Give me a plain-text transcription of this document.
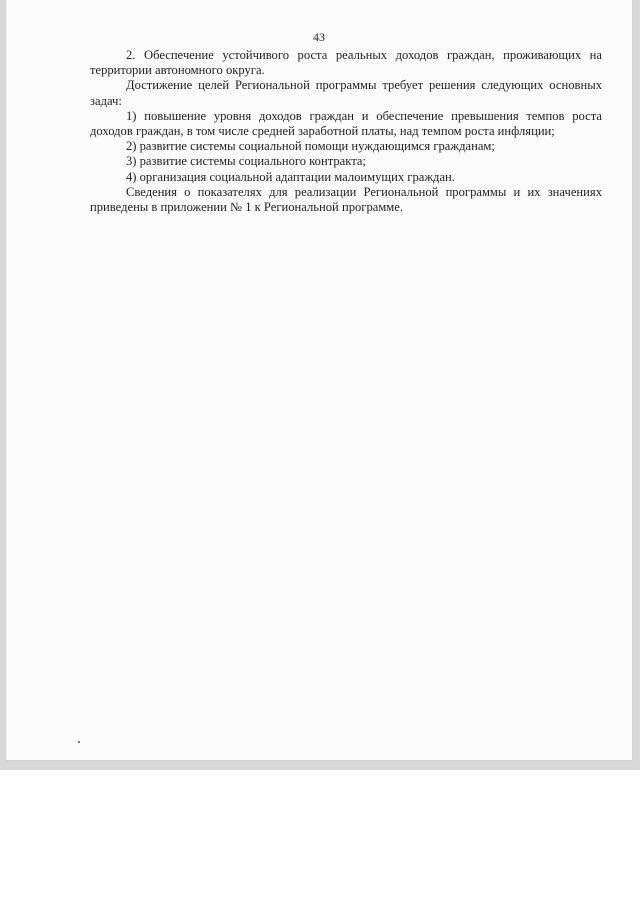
43

2. Обеспечение устойчивого роста реальных доходов граждан, проживающих на территории автономного округа.

Достижение целей Региональной программы требует решения следующих основных задач:

1) повышение уровня доходов граждан и обеспечение превышения темпов роста доходов граждан, в том числе средней заработной платы, над темпом роста инфляции;

2) развитие системы социальной помощи нуждающимся гражданам;

3) развитие системы социального контракта;

4) организация социальной адаптации малоимущих граждан.

Сведения о показателях для реализации Региональной программы и их значениях приведены в приложении № 1 к Региональной программе.
